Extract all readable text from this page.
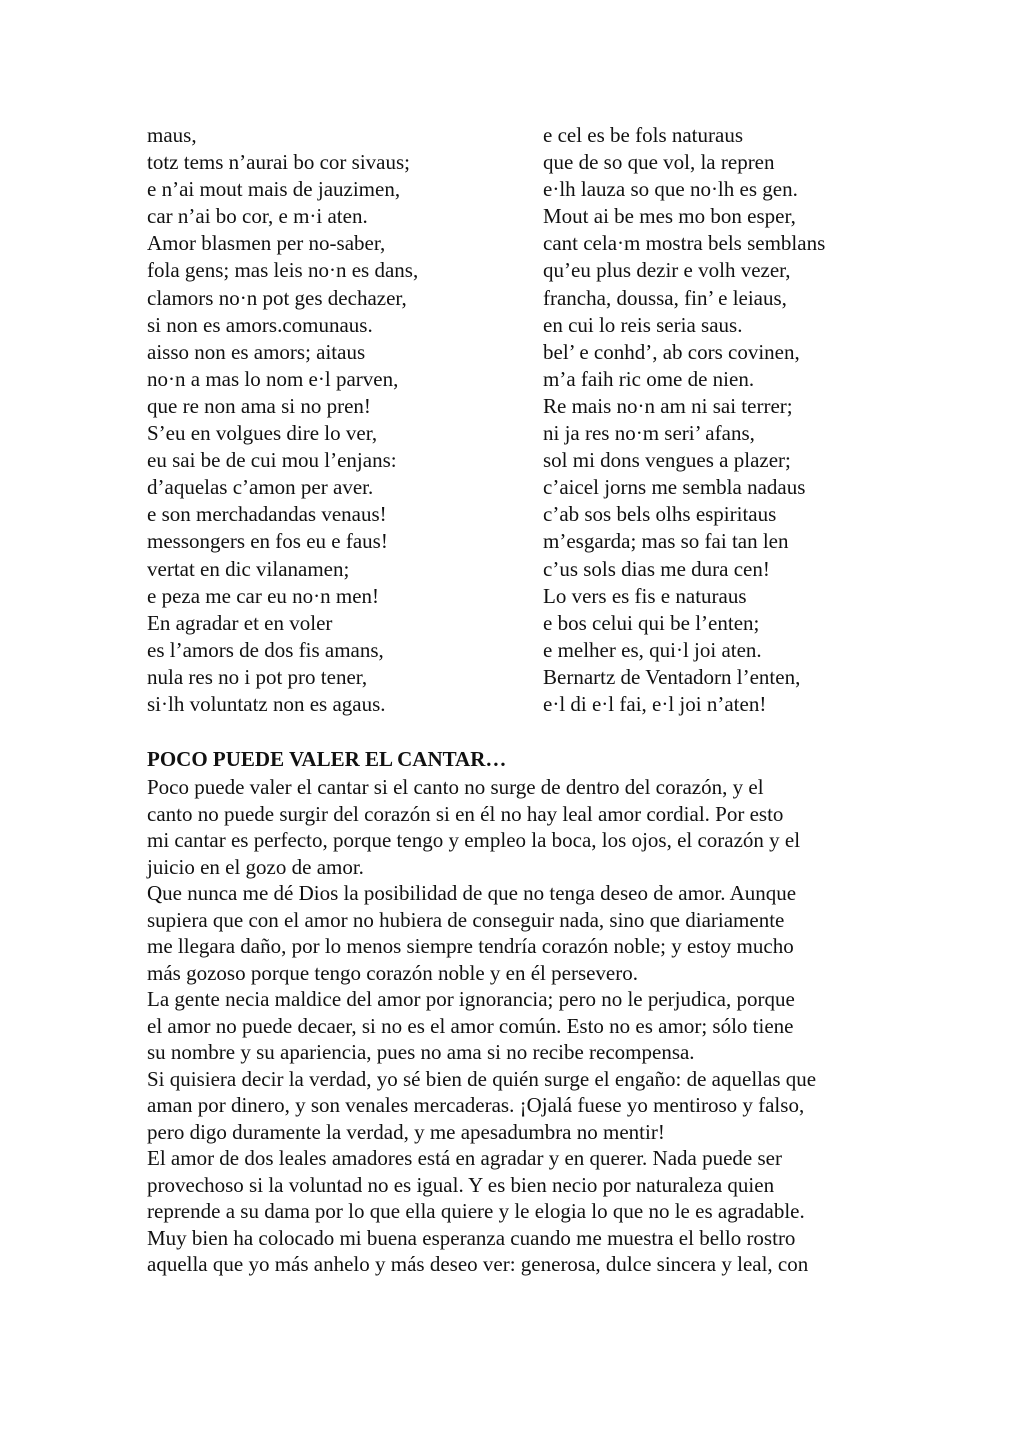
maus,
totz tems n’aurai bo cor sivaus;
e n’ai mout mais de jauzimen,
car n’ai bo cor, e m·i aten.
Amor blasmen per no-saber,
fola gens; mas leis no·n es dans,
clamors no·n pot ges dechazer,
si non es amors.comunaus.
aisso non es amors; aitaus
no·n a mas lo nom e·l parven,
que re non ama si no pren!
S’eu en volgues dire lo ver,
eu sai be de cui mou l’enjans:
d’aquelas c’amon per aver.
e son merchadandas venaus!
messongers en fos eu e faus!
vertat en dic vilanamen;
e peza me car eu no·n men!
En agradar et en voler
es l’amors de dos fis amans,
nula res no i pot pro tener,
si·lh voluntatz non es agaus.
e cel es be fols naturaus
que de so que vol, la repren
e·lh lauza so que no·lh es gen.
Mout ai be mes mo bon esper,
cant cela·m mostra bels semblans
qu’eu plus dezir e volh vezer,
francha, doussa, fin’ e leiaus,
en cui lo reis seria saus.
bel’ e conhd’, ab cors covinen,
m’a faih ric ome de nien.
Re mais no·n am ni sai terrer;
ni ja res no·m seri’ afans,
sol mi dons vengues a plazer;
c’aicel jorns me sembla nadaus
c’ab sos bels olhs espiritaus
m’esgarda; mas so fai tan len
c’us sols dias me dura cen!
Lo vers es fis e naturaus
e bos celui qui be l’enten;
e melher es, qui·l joi aten.
Bernartz de Ventadorn l’enten,
e·l di e·l fai, e·l joi n’aten!
POCO PUEDE VALER EL CANTAR…
Poco puede valer el cantar si el canto no surge de dentro del corazón, y el
canto no puede surgir del corazón si en él no hay leal amor cordial. Por esto
mi cantar es perfecto, porque tengo y empleo la boca, los ojos, el corazón y el
juicio en el gozo de amor.
Que nunca me dé Dios la posibilidad de que no tenga deseo de amor. Aunque
supiera que con el amor no hubiera de conseguir nada, sino que diariamente
me llegara daño, por lo menos siempre tendría corazón noble; y estoy mucho
más gozoso porque tengo corazón noble y en él persevero.
La gente necia maldice del amor por ignorancia; pero no le perjudica, porque
el amor no puede decaer, si no es el amor común. Esto no es amor; sólo tiene
su nombre y su apariencia, pues no ama si no recibe recompensa.
Si quisiera decir la verdad, yo sé bien de quién surge el engaño: de aquellas que
aman por dinero, y son venales mercaderas. ¡Ojalá fuese yo mentiroso y falso,
pero digo duramente la verdad, y me apesadumbra no mentir!
El amor de dos leales amadores está en agradar y en querer. Nada puede ser
provechoso si la voluntad no es igual. Y es bien necio por naturaleza quien
reprende a su dama por lo que ella quiere y le elogia lo que no le es agradable.
Muy bien ha colocado mi buena esperanza cuando me muestra el bello rostro
aquella que yo más anhelo y más deseo ver: generosa, dulce sincera y leal, con
